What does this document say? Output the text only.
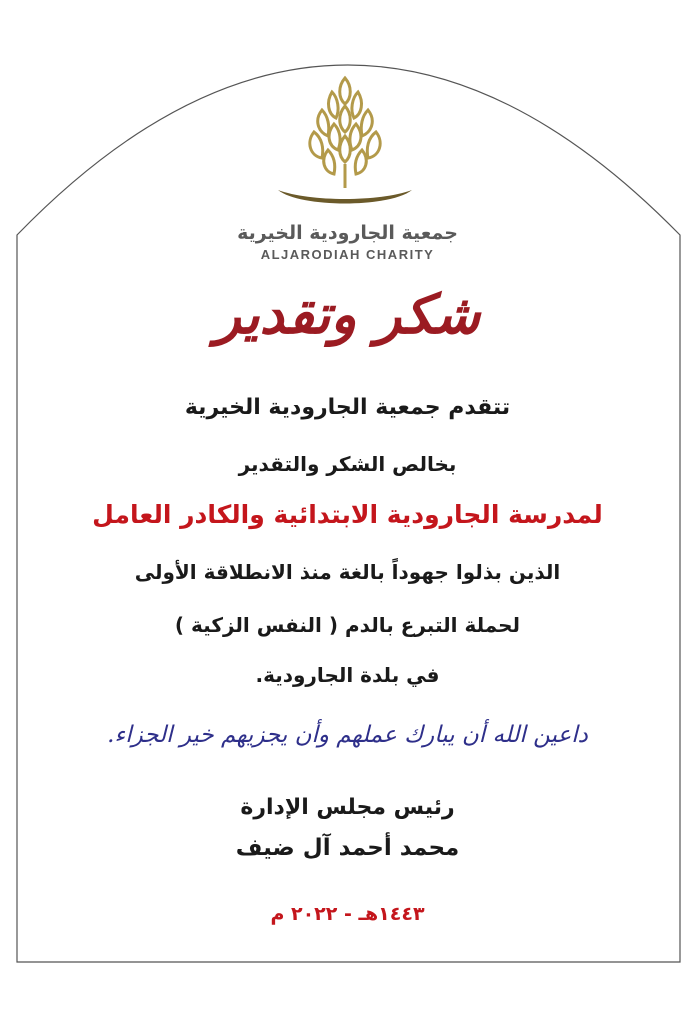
جمعية الجارودية الخيرية
ALJARODIAH CHARITY
شكر وتقدير
تتقدم جمعية الجارودية الخيرية
بخالص الشكر والتقدير
لمدرسة الجارودية الابتدائية والكادر العامل
الذين بذلوا جهوداً بالغة منذ الانطلاقة الأولى
لحملة التبرع بالدم ( النفس الزكية )
في بلدة الجارودية.
داعين الله أن يبارك عملهم وأن يجزيهم خير الجزاء.
رئيس مجلس الإدارة
محمد أحمد آل ضيف
١٤٤٣هـ - ٢٠٢٢ م
